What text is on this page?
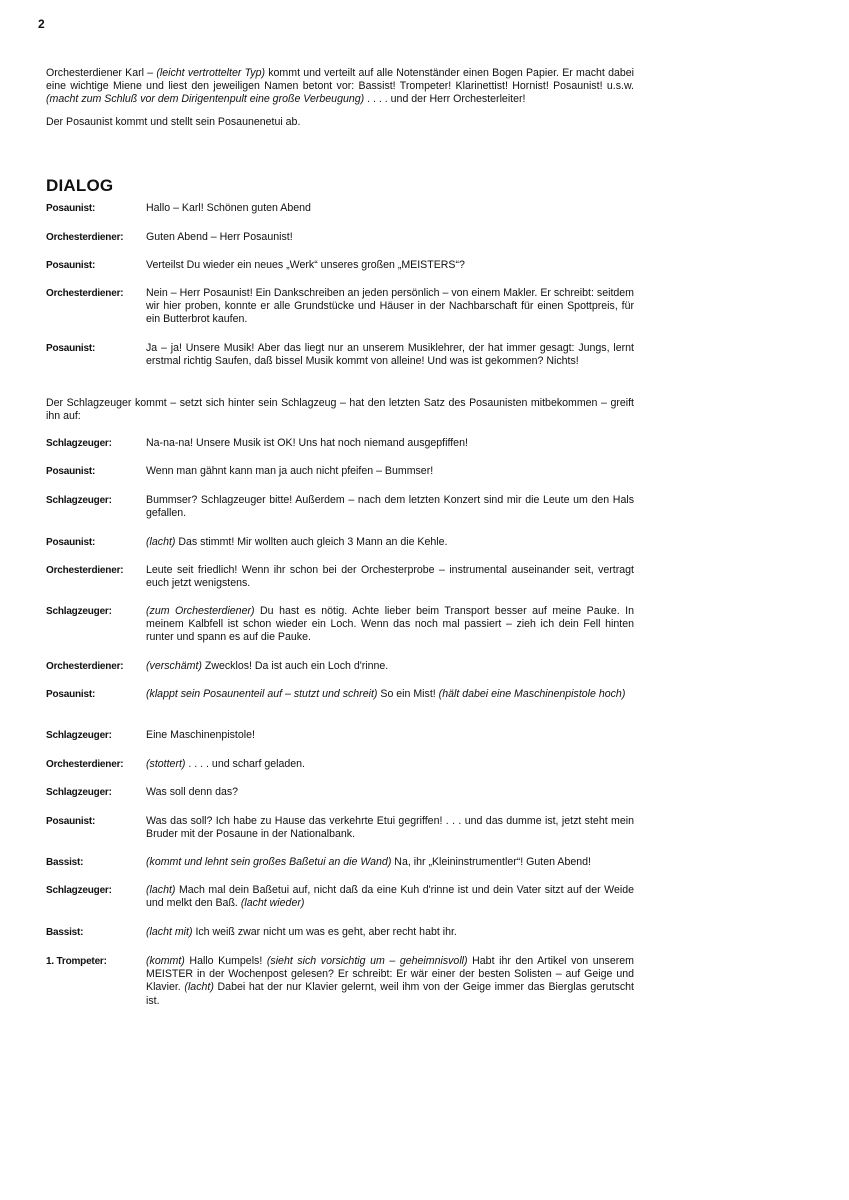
2

Orchesterdiener Karl – (leicht vertrottelter Typ) kommt und verteilt auf alle Notenständer einen Bogen Papier. Er macht dabei eine wichtige Miene und liest den jeweiligen Namen betont vor: Bassist! Trompeter! Klarinettist! Hornist! Posaunist! u.s.w. (macht zum Schluß vor dem Dirigentenpult eine große Verbeugung) . . . . und der Herr Orchesterleiter!

Der Posaunist kommt und stellt sein Posaunenetui ab.

DIALOG
Posaunist:	Hallo – Karl! Schönen guten Abend
Orchesterdiener:	Guten Abend – Herr Posaunist!
Posaunist:	Verteilst Du wieder ein neues „Werk“ unseres großen „MEISTERS“?
Orchesterdiener:	Nein – Herr Posaunist! Ein Dankschreiben an jeden persönlich – von einem Makler. Er schreibt: seitdem wir hier proben, konnte er alle Grundstücke und Häuser in der Nachbarschaft für einen Spottpreis, für ein Butterbrot kaufen.
Posaunist:	Ja – ja! Unsere Musik! Aber das liegt nur an unserem Musiklehrer, der hat immer gesagt: Jungs, lernt erstmal richtig Saufen, daß bissel Musik kommt von alleine! Und was ist gekommen? Nichts!
Schlagzeuger:	Na-na-na! Unsere Musik ist OK! Uns hat noch niemand ausgepfiffen!
Posaunist:	Wenn man gähnt kann man ja auch nicht pfeifen – Bummser!
Schlagzeuger:	Bummser? Schlagzeuger bitte! Außerdem – nach dem letzten Konzert sind mir die Leute um den Hals gefallen.
Posaunist:	(lacht) Das stimmt! Mir wollten auch gleich 3 Mann an die Kehle.
Orchesterdiener:	Leute seit friedlich! Wenn ihr schon bei der Orchesterprobe – instrumental auseinander seit, vertragt euch jetzt wenigstens.
Schlagzeuger:	(zum Orchesterdiener) Du hast es nötig. Achte lieber beim Transport besser auf meine Pauke. In meinem Kalbfell ist schon wieder ein Loch. Wenn das noch mal passiert – zieh ich dein Fell hinten runter und spann es auf die Pauke.
Orchesterdiener:	(verschämt) Zwecklos! Da ist auch ein Loch d'rinne.
Posaunist:	(klappt sein Posaunenteil auf – stutzt und schreit) So ein Mist! (hält dabei eine Maschinenpistole hoch)
Schlagzeuger:	Eine Maschinenpistole!
Orchesterdiener:	(stottert) . . . . und scharf geladen.
Schlagzeuger:	Was soll denn das?
Posaunist:	Was das soll? Ich habe zu Hause das verkehrte Etui gegriffen! . . . und das dumme ist, jetzt steht mein Bruder mit der Posaune in der Nationalbank.
Bassist:	(kommt und lehnt sein großes Baßetui an die Wand) Na, ihr „Kleininstrumentler“! Guten Abend!
Schlagzeuger:	(lacht) Mach mal dein Baßetui auf, nicht daß da eine Kuh d'rinne ist und dein Vater sitzt auf der Weide und melkt den Baß. (lacht wieder)
Bassist:	(lacht mit) Ich weiß zwar nicht um was es geht, aber recht habt ihr.
1. Trompeter:	(kommt) Hallo Kumpels! (sieht sich vorsichtig um – geheimnisvoll) Habt ihr den Artikel von unserem MEISTER in der Wochenpost gelesen? Er schreibt: Er wär einer der besten Solisten – auf Geige und Klavier. (lacht) Dabei hat der nur Klavier gelernt, weil ihm von der Geige immer das Bierglas gerutscht ist.
Der Schlagzeuger kommt – setzt sich hinter sein Schlagzeug – hat den letzten Satz des Posaunisten mitbekommen – greift ihn auf:
